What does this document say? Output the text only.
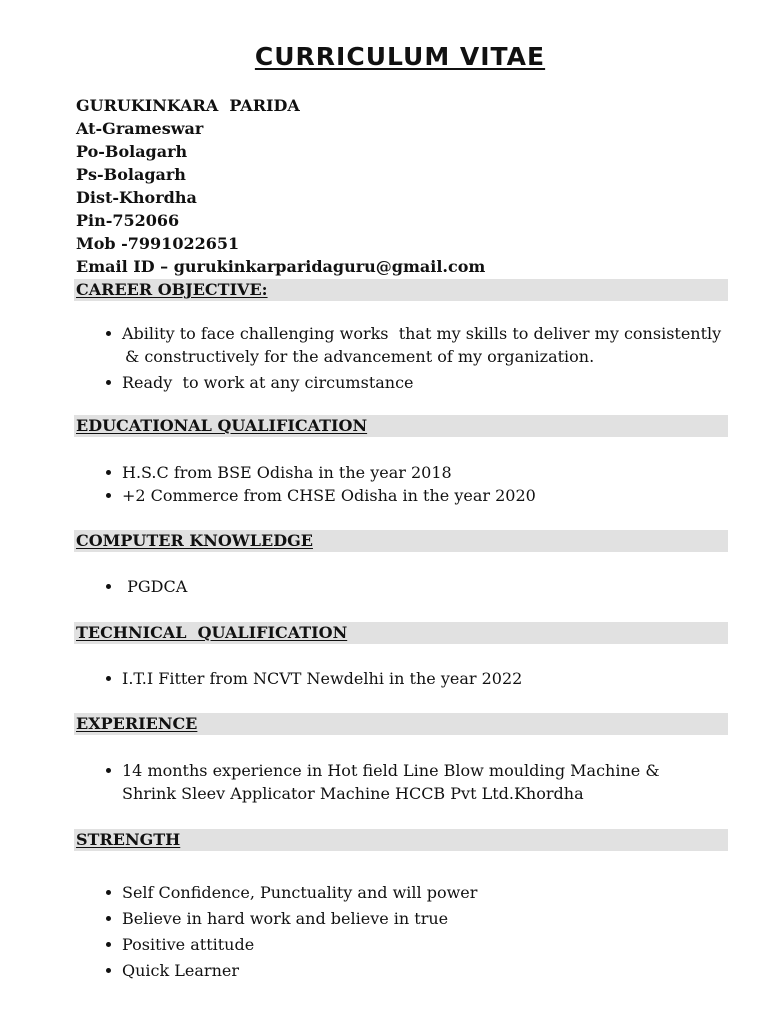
CURRICULUM VITAE
GURUKINKARA  PARIDA
At-Grameswar
Po-Bolagarh
Ps-Bolagarh
Dist-Khordha
Pin-752066
Mob -7991022651
Email ID – gurukinkarparidaguru@gmail.com
CAREER OBJECTIVE:
Ability to face challenging works  that my skills to deliver my consistently
& constructively for the advancement of my organization.
Ready  to work at any circumstance
EDUCATIONAL QUALIFICATION
H.S.C from BSE Odisha in the year 2018
+2 Commerce from CHSE Odisha in the year 2020
COMPUTER KNOWLEDGE
PGDCA
TECHNICAL  QUALIFICATION
I.T.I Fitter from NCVT Newdelhi in the year 2022
EXPERIENCE
14 months experience in Hot field Line Blow moulding Machine &
Shrink Sleev Applicator Machine HCCB Pvt Ltd.Khordha
STRENGTH
Self Confidence, Punctuality and will power
Believe in hard work and believe in true
Positive attitude
Quick Learner
